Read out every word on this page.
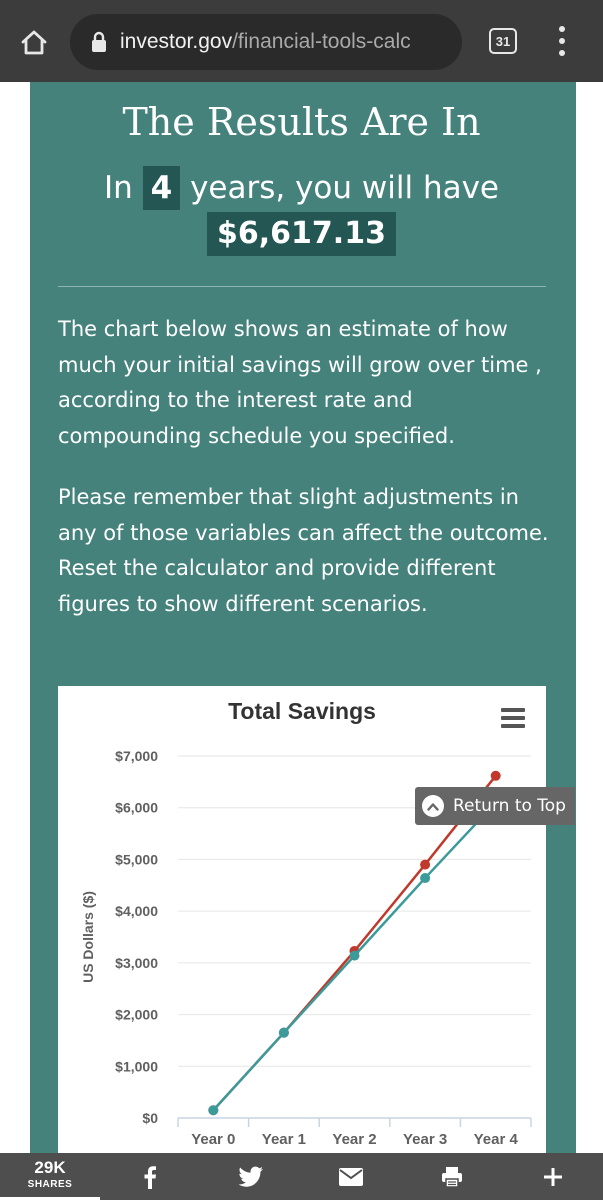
investor.gov /financial-tools-calc	31
The Results Are In
In 4 years, you will have
$6,617.13

The chart below shows an estimate of how much your initial savings will grow over time , according to the interest rate and compounding schedule you specified.

Please remember that slight adjustments in any of those variables can affect the outcome. Reset the calculator and provide different figures to show different scenarios.

Total Savings
$0
$1,000
$2,000
$3,000
$4,000
$5,000
$6,000
$7,000
Year 0 Year 1 Year 2 Year 3 Year 4
US Dollars ($)
Return to Top
29K
SHARES
